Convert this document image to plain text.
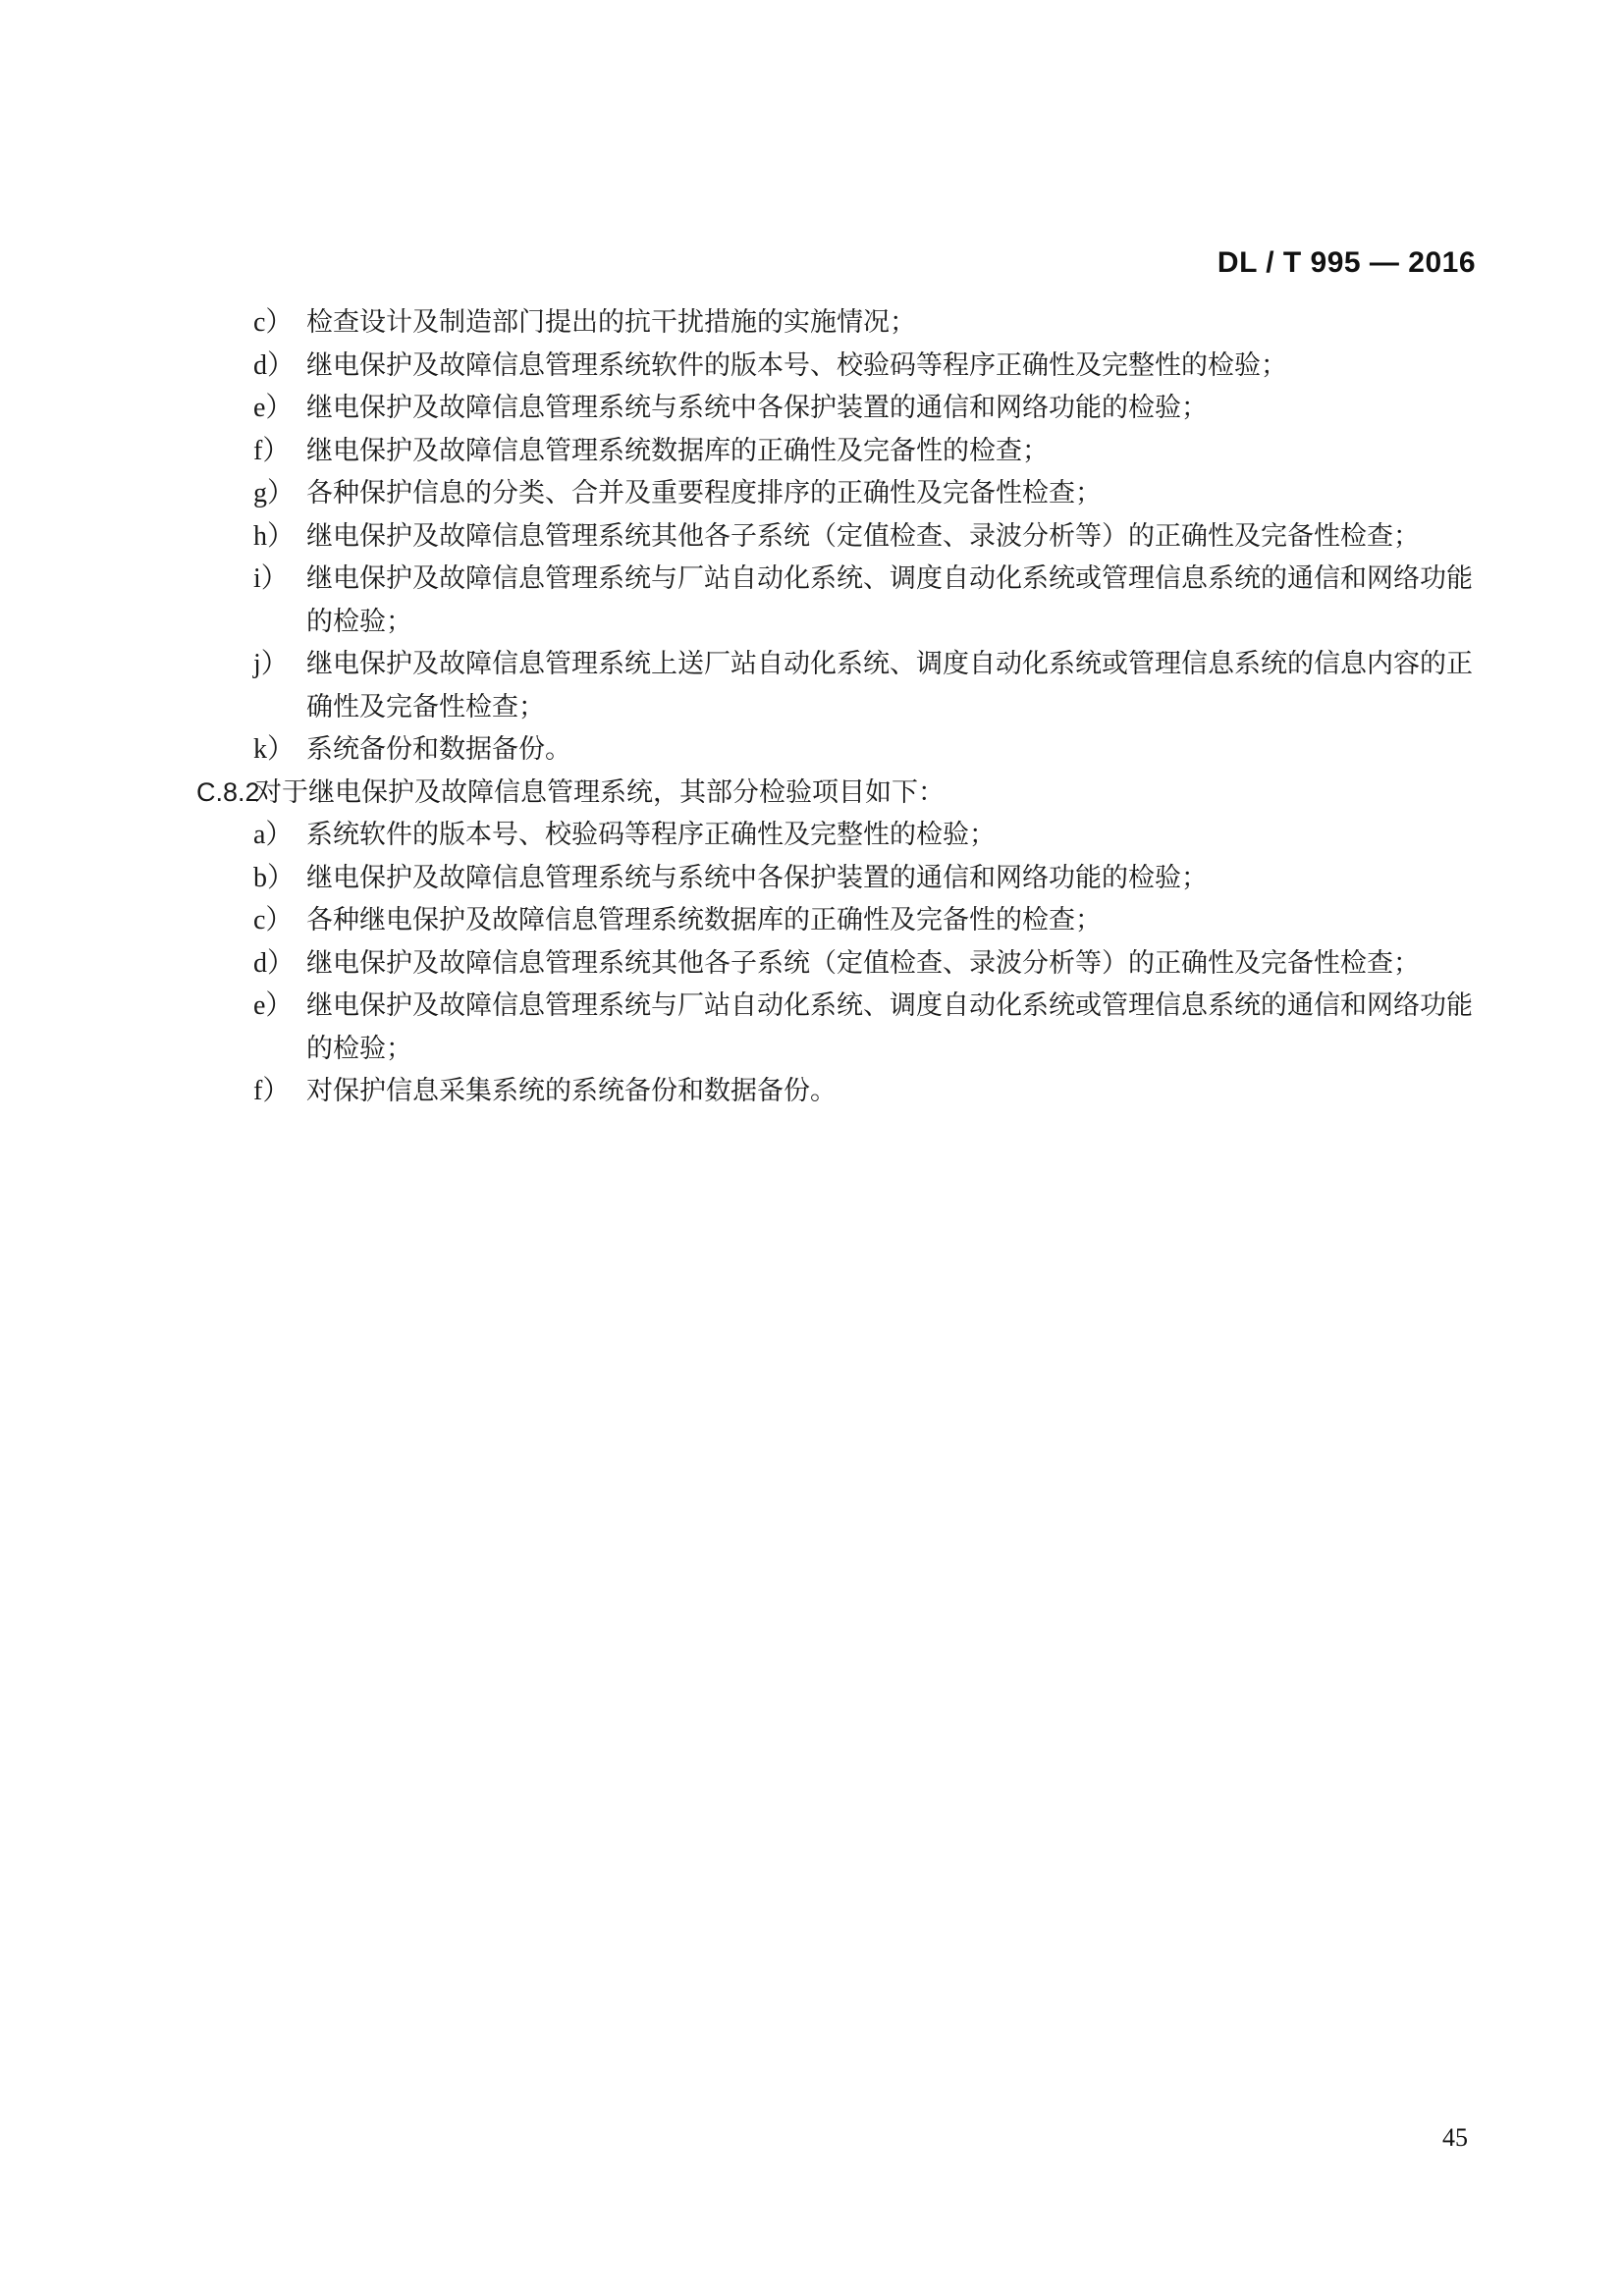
DL / T 995 — 2016

c） 检查设计及制造部门提出的抗干扰措施的实施情况；

d） 继电保护及故障信息管理系统软件的版本号、校验码等程序正确性及完整性的检验；

e） 继电保护及故障信息管理系统与系统中各保护装置的通信和网络功能的检验；

f） 继电保护及故障信息管理系统数据库的正确性及完备性的检查；

g） 各种保护信息的分类、合并及重要程度排序的正确性及完备性检查；

h） 继电保护及故障信息管理系统其他各子系统（定值检查、录波分析等）的正确性及完备性检查；

i） 继电保护及故障信息管理系统与厂站自动化系统、调度自动化系统或管理信息系统的通信和网络功能的检验；

j） 继电保护及故障信息管理系统上送厂站自动化系统、调度自动化系统或管理信息系统的信息内容的正确性及完备性检查；

k） 系统备份和数据备份。

C.8.2
对于继电保护及故障信息管理系统，其部分检验项目如下：

a） 系统软件的版本号、校验码等程序正确性及完整性的检验；

b） 继电保护及故障信息管理系统与系统中各保护装置的通信和网络功能的检验；

c） 各种继电保护及故障信息管理系统数据库的正确性及完备性的检查；

d） 继电保护及故障信息管理系统其他各子系统（定值检查、录波分析等）的正确性及完备性检查；

e） 继电保护及故障信息管理系统与厂站自动化系统、调度自动化系统或管理信息系统的通信和网络功能的检验；

f） 对保护信息采集系统的系统备份和数据备份。

45
